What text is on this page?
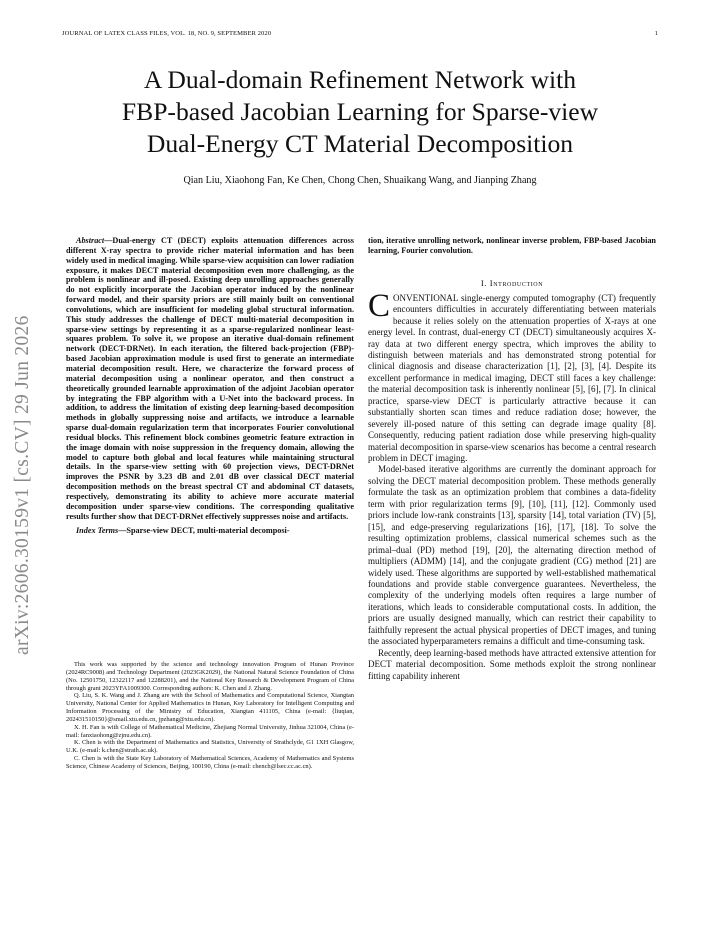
JOURNAL OF LATEX CLASS FILES, VOL. 18, NO. 9, SEPTEMBER 2020	1
arXiv:2606.30159v1 [cs.CV] 29 Jun 2026
A Dual-domain Refinement Network with
FBP-based Jacobian Learning for Sparse-view
Dual-Energy CT Material Decomposition
Qian Liu, Xiaohong Fan, Ke Chen, Chong Chen, Shuaikang Wang, and Jianping Zhang

Abstract—Dual-energy CT (DECT) exploits attenuation differences across different X-ray spectra to provide richer material information and has been widely used in medical imaging. While sparse-view acquisition can lower radiation exposure, it makes DECT material decomposition even more challenging, as the problem is nonlinear and ill-posed. Existing deep unrolling approaches generally do not explicitly incorporate the Jacobian operator induced by the nonlinear forward model, and their sparsity priors are still mainly built on conventional convolutions, which are insufficient for modeling global structural information. This study addresses the challenge of DECT multi-material decomposition in sparse-view settings by representing it as a sparse-regularized nonlinear least-squares problem. To solve it, we propose an iterative dual-domain refinement network (DECT-DRNet). In each iteration, the filtered back-projection (FBP)-based Jacobian approximation module is used first to generate an intermediate material decomposition result. Here, we characterize the forward process of material decomposition using a nonlinear operator, and then construct a theoretically grounded learnable approximation of the adjoint Jacobian operator by integrating the FBP algorithm with a U-Net into the backward process. In addition, to address the limitation of existing deep learning-based decomposition methods in globally suppressing noise and artifacts, we introduce a learnable sparse dual-domain regularization term that incorporates Fourier convolutional residual blocks. This refinement block combines geometric feature extraction in the image domain with noise suppression in the frequency domain, allowing the model to capture both global and local features while maintaining structural details. In the sparse-view setting with 60 projection views, DECT-DRNet improves the PSNR by 3.23 dB and 2.01 dB over classical DECT material decomposition methods on the breast spectral CT and abdominal CT datasets, respectively, demonstrating its ability to achieve more accurate material decomposition under sparse-view conditions. The corresponding qualitative results further show that DECT-DRNet effectively suppresses noise and artifacts.

Index Terms—Sparse-view DECT, multi-material decomposi-

This work was supported by the science and technology innovation Program of Hunan Province (2024RC9008) and Technology Department (2023GK2029), the National Natural Science Foundation of China (No. 12501750, 12322117 and 12288201), and the National Key Research & Development Program of China through grant 2023YFA1009300. Corresponding authors: K. Chen and J. Zhang.

Q. Liu, S. K. Wang and J. Zhang are with the School of Mathematics and Computational Science, Xiangtan University, National Center for Applied Mathematics in Hunan, Key Laboratory for Intelligent Computing and Information Processing of the Ministry of Education, Xiangtan 411105, China (e-mail: {liuqian, 202431510150}@smail.xtu.edu.cn, jpzhang@xtu.edu.cn).

X. H. Fan is with College of Mathematical Medicine, Zhejiang Normal University, Jinhua 321004, China (e-mail: fanxiaohong@zjnu.edu.cn).

K. Chen is with the Department of Mathematics and Statistics, University of Strathclyde, G1 1XH Glasgow, U.K. (e-mail: k.chen@strath.ac.uk).

C. Chen is with the State Key Laboratory of Mathematical Sciences, Academy of Mathematics and Systems Science, Chinese Academy of Sciences, Beijing, 100190, China (e-mail: chench@lsec.cc.ac.cn).

tion, iterative unrolling network, nonlinear inverse problem, FBP-based Jacobian learning, Fourier convolution.

I. Introduction

CONVENTIONAL single-energy computed tomography (CT) frequently encounters difficulties in accurately differentiating between materials because it relies solely on the attenuation properties of X-rays at one energy level. In contrast, dual-energy CT (DECT) simultaneously acquires X-ray data at two different energy spectra, which improves the ability to distinguish between materials and has demonstrated strong potential for clinical diagnosis and disease characterization [1], [2], [3], [4]. Despite its excellent performance in medical imaging, DECT still faces a key challenge: the material decomposition task is inherently nonlinear [5], [6], [7]. In clinical practice, sparse-view DECT is particularly attractive because it can substantially shorten scan times and reduce radiation dose; however, the severely ill-posed nature of this setting can degrade image quality [8]. Consequently, reducing patient radiation dose while preserving high-quality material decomposition in sparse-view scenarios has become a central research problem in DECT imaging.

Model-based iterative algorithms are currently the dominant approach for solving the DECT material decomposition problem. These methods generally formulate the task as an optimization problem that combines a data-fidelity term with prior regularization terms [9], [10], [11], [12]. Commonly used priors include low-rank constraints [13], sparsity [14], total variation (TV) [5], [15], and edge-preserving regularizations [16], [17], [18]. To solve the resulting optimization problems, classical numerical schemes such as the primal–dual (PD) method [19], [20], the alternating direction method of multipliers (ADMM) [14], and the conjugate gradient (CG) method [21] are widely used. These algorithms are supported by well-established mathematical foundations and provide stable convergence guarantees. Nevertheless, the complexity of the underlying models often requires a large number of iterations, which leads to considerable computational costs. In addition, the priors are usually designed manually, which can restrict their capability to faithfully represent the actual physical properties of DECT images, and tuning the associated hyperparameters remains a difficult and time-consuming task.

Recently, deep learning-based methods have attracted extensive attention for DECT material decomposition. Some methods exploit the strong nonlinear fitting capability inherent
